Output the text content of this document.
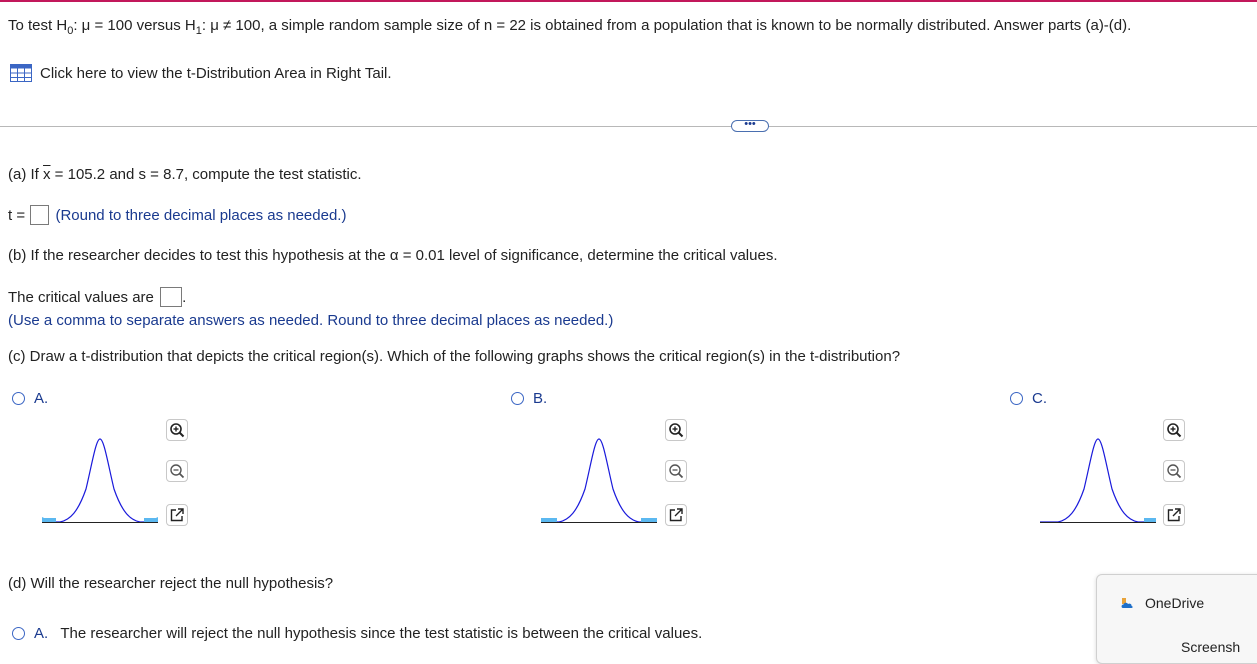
To test $H_0$: μ = 100 versus $H_1$: μ ≠ 100, a simple random sample size of n = 22 is obtained from a population that is known to be normally distributed. Answer parts (a)-(d).
Click here to view the t-Distribution Area in Right Tail.
•••
(a) If $\overline{x} = 105.2$ and s = 8.7, compute the test statistic.
t = (Round to three decimal places as needed.)
(b) If the researcher decides to test this hypothesis at the α = 0.01 level of significance, determine the critical values.
The critical values are .
(Use a comma to separate answers as needed. Round to three decimal places as needed.)
(c) Draw a t-distribution that depicts the critical region(s). Which of the following graphs shows the critical region(s) in the t-distribution?
A.	B.	C.
(d) Will the researcher reject the null hypothesis?
A. The researcher will reject the null hypothesis since the test statistic is between the critical values.
OneDrive
Screensh
